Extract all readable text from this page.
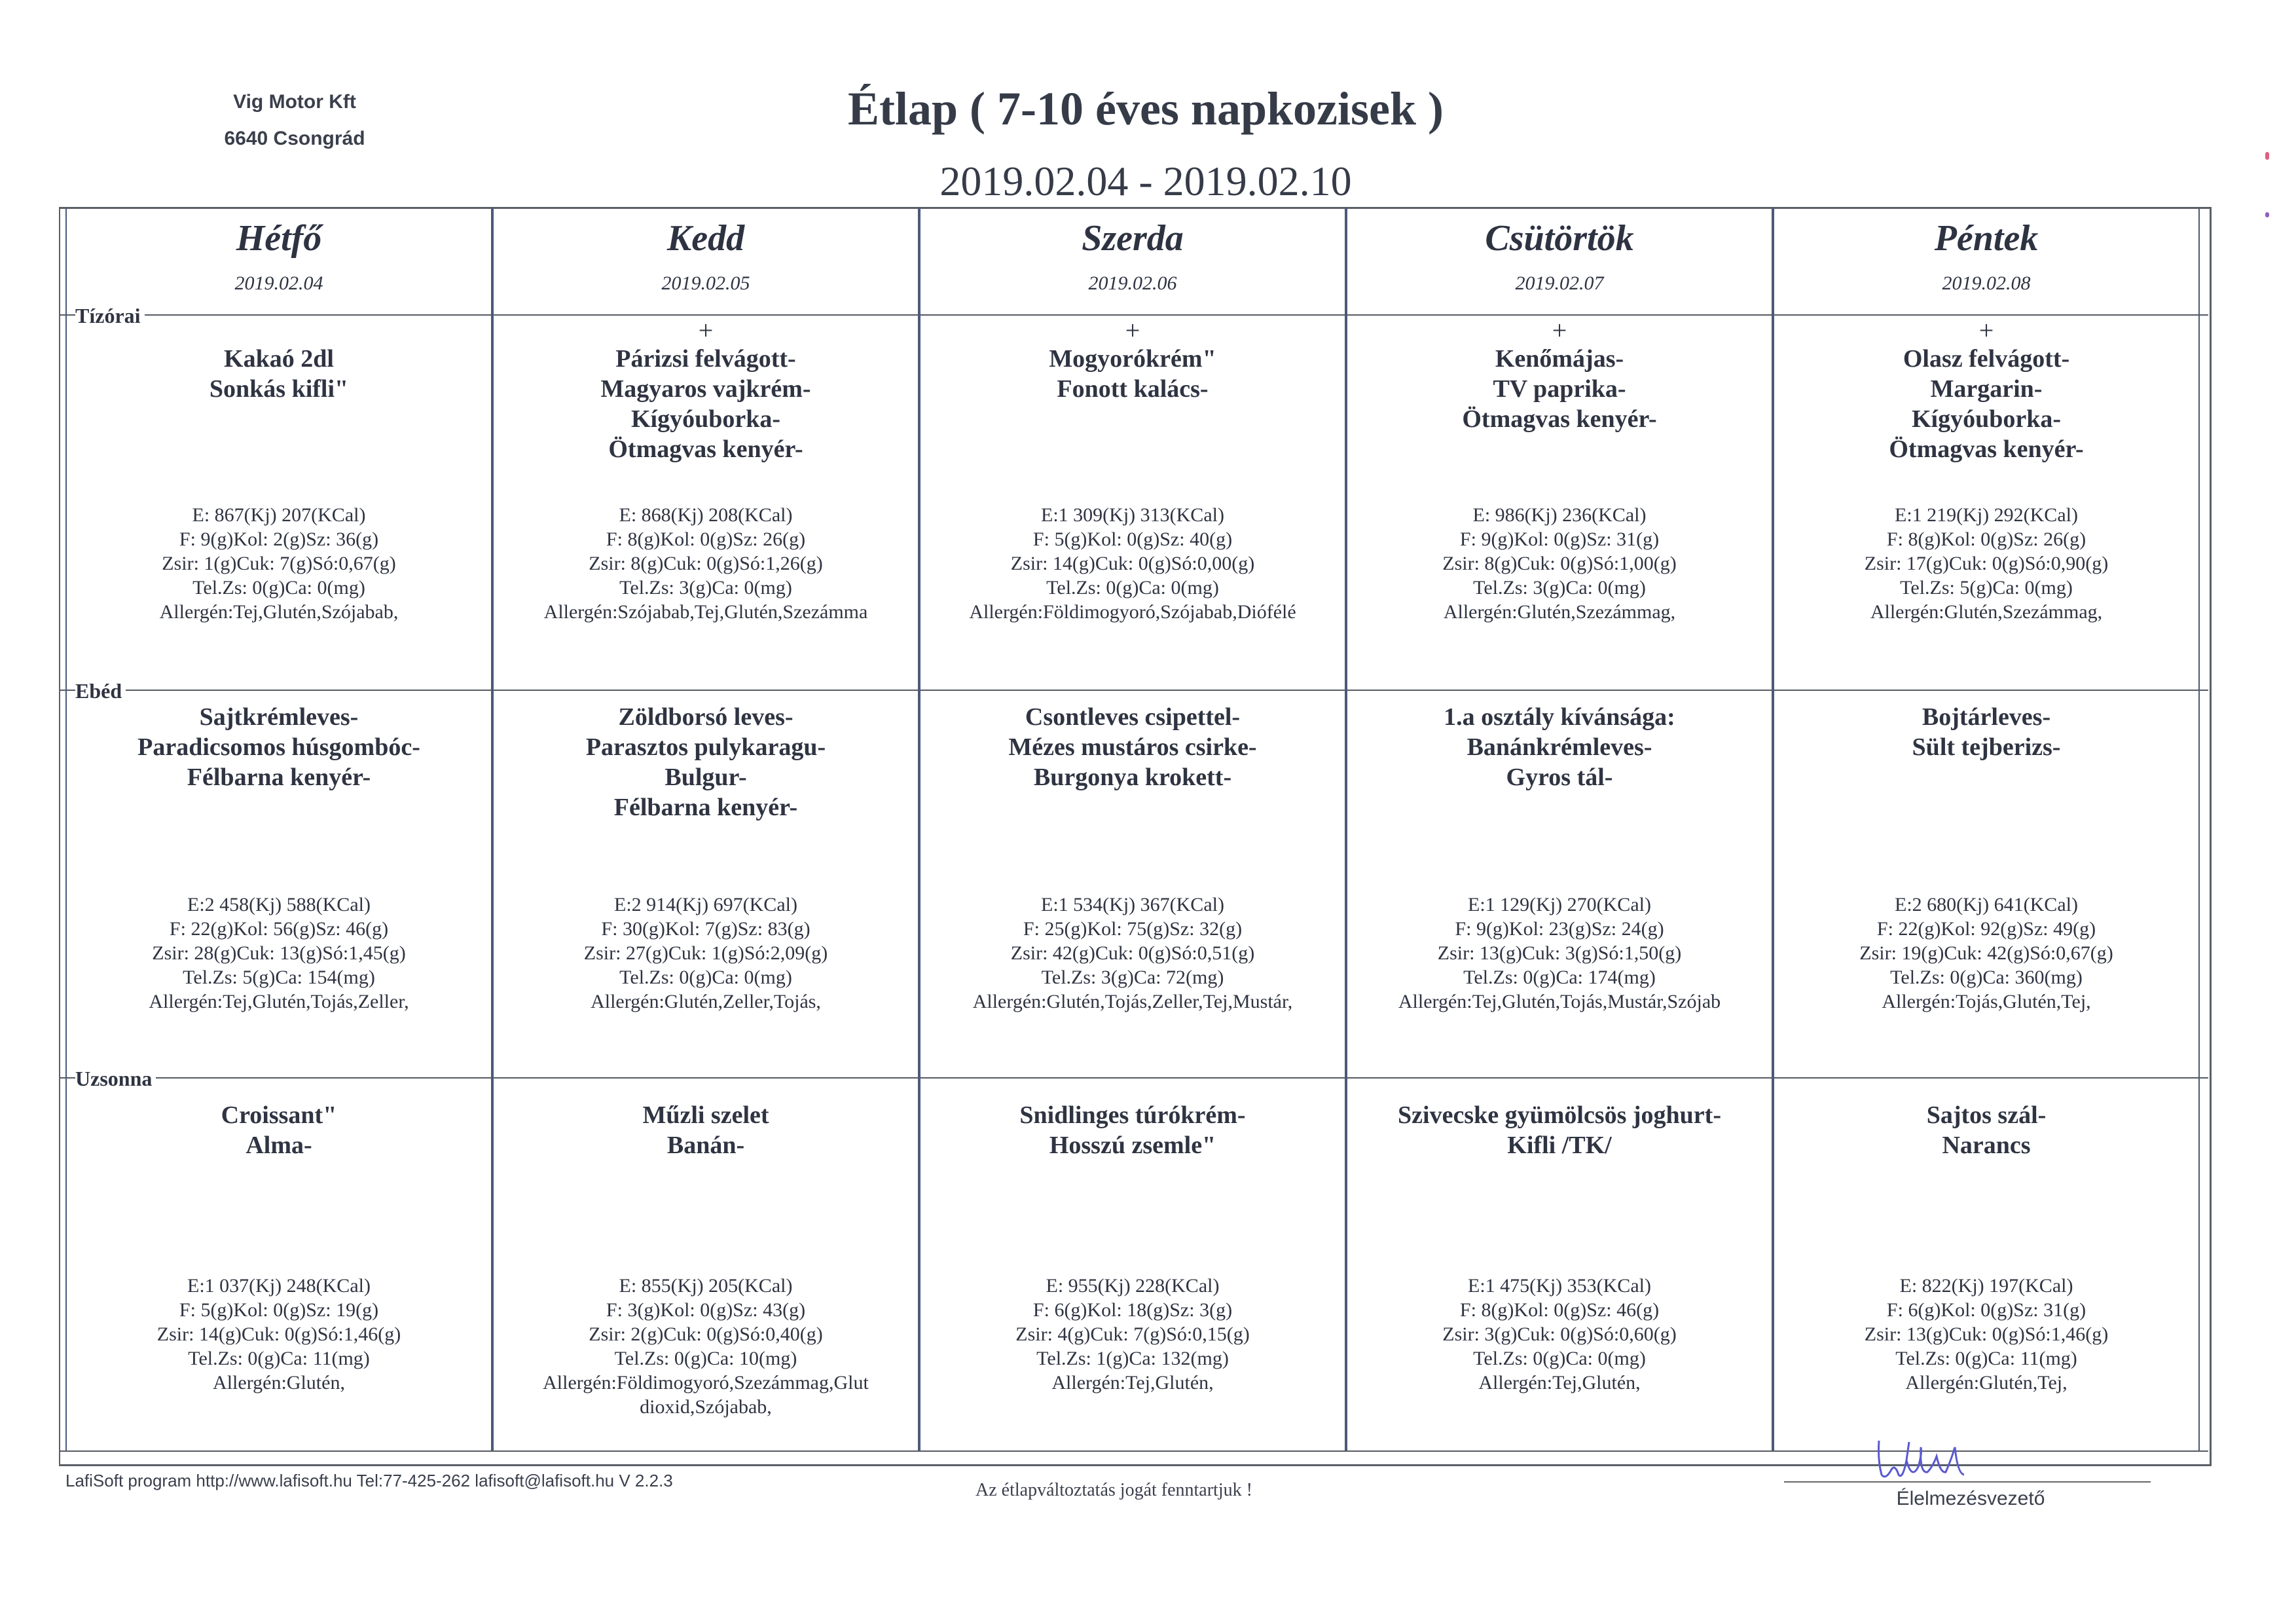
Vig Motor Kft
6640 Csongrád
Étlap ( 7-10 éves napkozisek )
2019.02.04 - 2019.02.10
Tízórai
Ebéd
Uzsonna
Hétfő
2019.02.04
Kakaó 2dl
Sonkás kifli"
E: 867(Kj) 207(KCal)
F: 9(g)Kol: 2(g)Sz: 36(g)
Zsir: 1(g)Cuk: 7(g)Só:0,67(g)
Tel.Zs: 0(g)Ca: 0(mg)
Allergén:Tej,Glutén,Szójabab,
Sajtkrémleves-
Paradicsomos húsgombóc-
Félbarna kenyér-
E:2 458(Kj) 588(KCal)
F: 22(g)Kol: 56(g)Sz: 46(g)
Zsir: 28(g)Cuk: 13(g)Só:1,45(g)
Tel.Zs: 5(g)Ca: 154(mg)
Allergén:Tej,Glutén,Tojás,Zeller,
Croissant"
Alma-
E:1 037(Kj) 248(KCal)
F: 5(g)Kol: 0(g)Sz: 19(g)
Zsir: 14(g)Cuk: 0(g)Só:1,46(g)
Tel.Zs: 0(g)Ca: 11(mg)
Allergén:Glutén,
Kedd
2019.02.05
+
Párizsi felvágott-
Magyaros vajkrém-
Kígyóuborka-
Ötmagvas kenyér-
E: 868(Kj) 208(KCal)
F: 8(g)Kol: 0(g)Sz: 26(g)
Zsir: 8(g)Cuk: 0(g)Só:1,26(g)
Tel.Zs: 3(g)Ca: 0(mg)
Allergén:Szójabab,Tej,Glutén,Szezámma
Zöldborsó leves-
Parasztos pulykaragu-
Bulgur-
Félbarna kenyér-
E:2 914(Kj) 697(KCal)
F: 30(g)Kol: 7(g)Sz: 83(g)
Zsir: 27(g)Cuk: 1(g)Só:2,09(g)
Tel.Zs: 0(g)Ca: 0(mg)
Allergén:Glutén,Zeller,Tojás,
Műzli szelet
Banán-
E: 855(Kj) 205(KCal)
F: 3(g)Kol: 0(g)Sz: 43(g)
Zsir: 2(g)Cuk: 0(g)Só:0,40(g)
Tel.Zs: 0(g)Ca: 10(mg)
Allergén:Földimogyoró,Szezámmag,Glut
dioxid,Szójabab,
Szerda
2019.02.06
+
Mogyorókrém"
Fonott kalács-
E:1 309(Kj) 313(KCal)
F: 5(g)Kol: 0(g)Sz: 40(g)
Zsir: 14(g)Cuk: 0(g)Só:0,00(g)
Tel.Zs: 0(g)Ca: 0(mg)
Allergén:Földimogyoró,Szójabab,Diófélé
Csontleves csipettel-
Mézes mustáros csirke-
Burgonya krokett-
E:1 534(Kj) 367(KCal)
F: 25(g)Kol: 75(g)Sz: 32(g)
Zsir: 42(g)Cuk: 0(g)Só:0,51(g)
Tel.Zs: 3(g)Ca: 72(mg)
Allergén:Glutén,Tojás,Zeller,Tej,Mustár,
Snidlinges túrókrém-
Hosszú zsemle"
E: 955(Kj) 228(KCal)
F: 6(g)Kol: 18(g)Sz: 3(g)
Zsir: 4(g)Cuk: 7(g)Só:0,15(g)
Tel.Zs: 1(g)Ca: 132(mg)
Allergén:Tej,Glutén,
Csütörtök
2019.02.07
+
Kenőmájas-
TV paprika-
Ötmagvas kenyér-
E: 986(Kj) 236(KCal)
F: 9(g)Kol: 0(g)Sz: 31(g)
Zsir: 8(g)Cuk: 0(g)Só:1,00(g)
Tel.Zs: 3(g)Ca: 0(mg)
Allergén:Glutén,Szezámmag,
1.a osztály kívánsága:
Banánkrémleves-
Gyros tál-
E:1 129(Kj) 270(KCal)
F: 9(g)Kol: 23(g)Sz: 24(g)
Zsir: 13(g)Cuk: 3(g)Só:1,50(g)
Tel.Zs: 0(g)Ca: 174(mg)
Allergén:Tej,Glutén,Tojás,Mustár,Szójab
Szivecske gyümölcsös joghurt-
Kifli /TK/
E:1 475(Kj) 353(KCal)
F: 8(g)Kol: 0(g)Sz: 46(g)
Zsir: 3(g)Cuk: 0(g)Só:0,60(g)
Tel.Zs: 0(g)Ca: 0(mg)
Allergén:Tej,Glutén,
Péntek
2019.02.08
+
Olasz felvágott-
Margarin-
Kígyóuborka-
Ötmagvas kenyér-
E:1 219(Kj) 292(KCal)
F: 8(g)Kol: 0(g)Sz: 26(g)
Zsir: 17(g)Cuk: 0(g)Só:0,90(g)
Tel.Zs: 5(g)Ca: 0(mg)
Allergén:Glutén,Szezámmag,
Bojtárleves-
Sült tejberizs-
E:2 680(Kj) 641(KCal)
F: 22(g)Kol: 92(g)Sz: 49(g)
Zsir: 19(g)Cuk: 42(g)Só:0,67(g)
Tel.Zs: 0(g)Ca: 360(mg)
Allergén:Tojás,Glutén,Tej,
Sajtos szál-
Narancs
E: 822(Kj) 197(KCal)
F: 6(g)Kol: 0(g)Sz: 31(g)
Zsir: 13(g)Cuk: 0(g)Só:1,46(g)
Tel.Zs: 0(g)Ca: 11(mg)
Allergén:Glutén,Tej,
LafiSoft program http://www.lafisoft.hu Tel:77-425-262 lafisoft@lafisoft.hu V 2.2.3	Az étlapváltoztatás jogát fenntartjuk !	Élelmezésvezető
